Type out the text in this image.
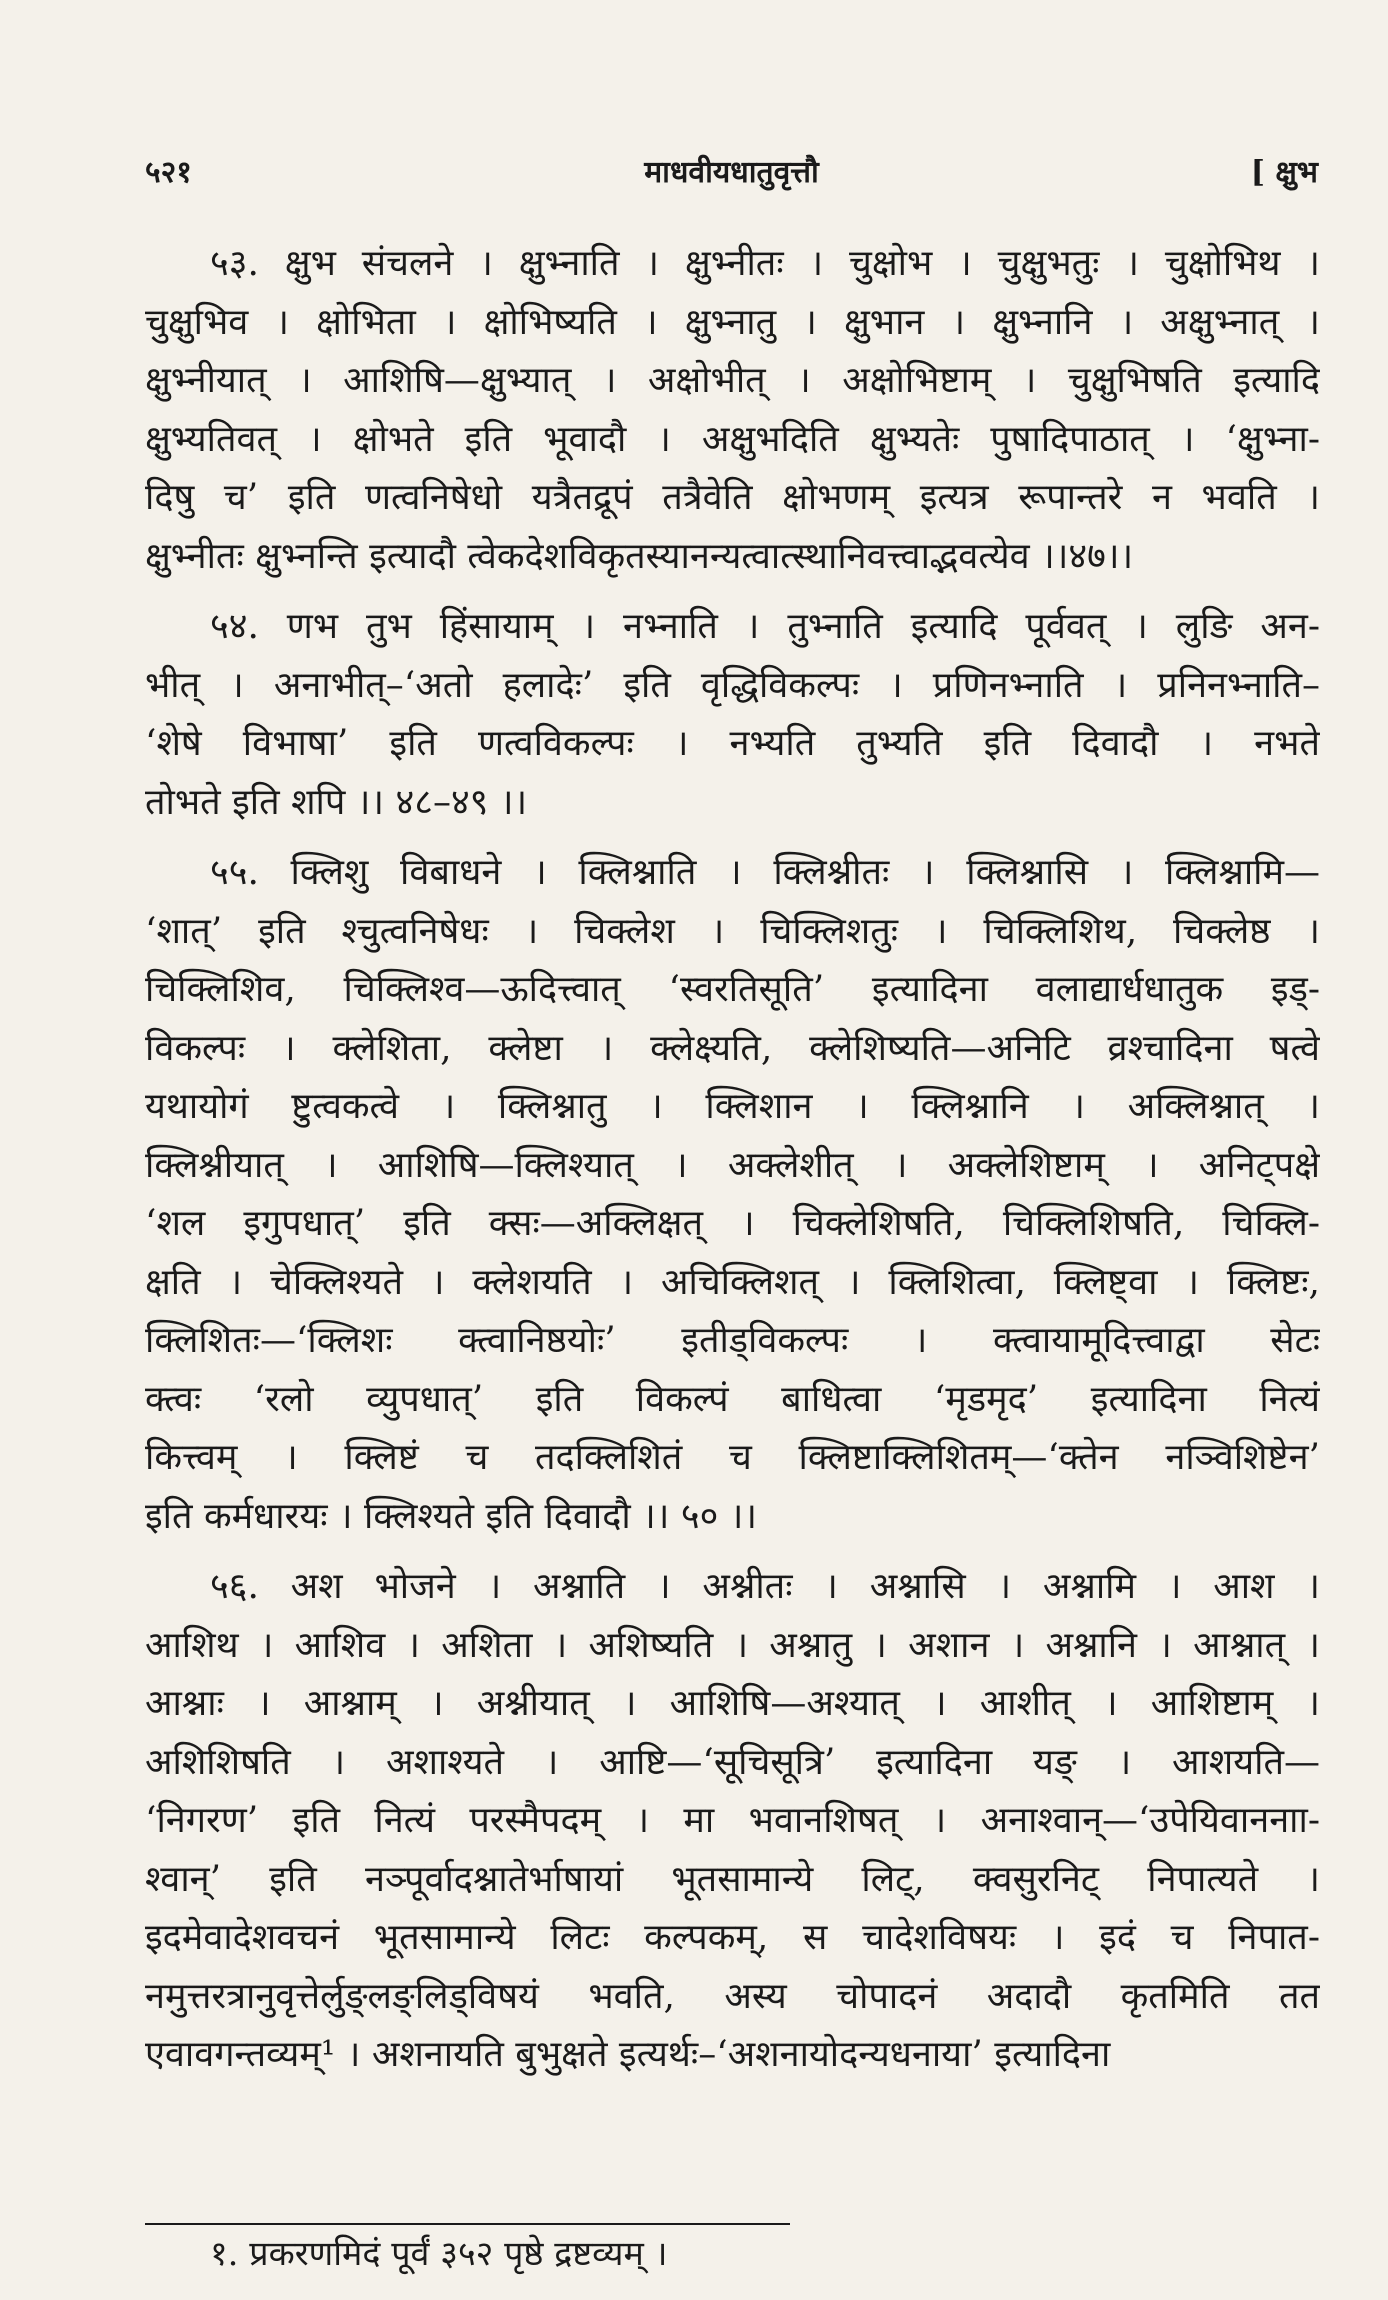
५२१	माधवीयधातुवृत्तौ	[ क्षुभ
५३. क्षुभ संचलने । क्षुभ्नाति । क्षुभ्नीतः । चुक्षोभ । चुक्षुभतुः । चुक्षोभिथ ।
चुक्षुभिव । क्षोभिता । क्षोभिष्यति । क्षुभ्नातु । क्षुभान । क्षुभ्नानि । अक्षुभ्नात् ।
क्षुभ्नीयात् । आशिषि—क्षुभ्यात् । अक्षोभीत् । अक्षोभिष्टाम् । चुक्षुभिषति इत्यादि
क्षुभ्यतिवत् । क्षोभते इति भूवादौ । अक्षुभदिति क्षुभ्यतेः पुषादिपाठात् । ‘क्षुभ्ना-
दिषु च’ इति णत्वनिषेधो यत्रैतद्रूपं तत्रैवेति क्षोभणम् इत्यत्र रूपान्तरे न भवति ।
क्षुभ्नीतः क्षुभ्नन्ति इत्यादौ त्वेकदेशविकृतस्यानन्यत्वात्स्थानिवत्त्वाद्भवत्येव ।।४७।।
५४. णभ तुभ हिंसायाम् । नभ्नाति । तुभ्नाति इत्यादि पूर्ववत् । लुङि अन-
भीत् । अनाभीत्–‘अतो हलादेः’ इति वृद्धिविकल्पः । प्रणिनभ्नाति । प्रनिनभ्नाति–
‘शेषे विभाषा’ इति णत्वविकल्पः । नभ्यति तुभ्यति इति दिवादौ । नभते
तोभते इति शपि ।। ४८–४९ ।।
५५. क्लिशु विबाधने । क्लिश्नाति । क्लिश्नीतः । क्लिश्नासि । क्लिश्नामि—
‘शात्’ इति श्चुत्वनिषेधः । चिक्लेश । चिक्लिशतुः । चिक्लिशिथ, चिक्लेष्ठ ।
चिक्लिशिव, चिक्लिश्व—ऊदित्त्वात् ‘स्वरतिसूति’ इत्यादिना वलाद्यार्धधातुक इड्-
विकल्पः । क्लेशिता, क्लेष्टा । क्लेक्ष्यति, क्लेशिष्यति—अनिटि व्रश्चादिना षत्वे
यथायोगं ष्टुत्वकत्वे । क्लिश्नातु । क्लिशान । क्लिश्नानि । अक्लिश्नात् ।
क्लिश्नीयात् । आशिषि—क्लिश्यात् । अक्लेशीत् । अक्लेशिष्टाम् । अनिट्पक्षे
‘शल इगुपधात्’ इति क्सः—अक्लिक्षत् । चिक्लेशिषति, चिक्लिशिषति, चिक्लि-
क्षति । चेक्लिश्यते । क्लेशयति । अचिक्लिशत् । क्लिशित्वा, क्लिष्ट्वा । क्लिष्टः,
क्लिशितः—‘क्लिशः क्त्वानिष्ठयोः’ इतीड्विकल्पः । क्त्वायामूदित्त्वाद्वा सेटः
क्त्वः ‘रलो व्युपधात्’ इति विकल्पं बाधित्वा ‘मृडमृद’ इत्यादिना नित्यं
कित्त्वम् । क्लिष्टं च तदक्लिशितं च क्लिष्टाक्लिशितम्—‘क्तेन नञ्विशिष्टेन’
इति कर्मधारयः । क्लिश्यते इति दिवादौ ।। ५० ।।
५६. अश भोजने । अश्नाति । अश्नीतः । अश्नासि । अश्नामि । आश ।
आशिथ । आशिव । अशिता । अशिष्यति । अश्नातु । अशान । अश्नानि । आश्नात् ।
आश्नाः । आश्नाम् । अश्नीयात् । आशिषि—अश्यात् । आशीत् । आशिष्टाम् ।
अशिशिषति । अशाश्यते । आष्टि—‘सूचिसूत्रि’ इत्यादिना यङ् । आशयति—
‘निगरण’ इति नित्यं परस्मैपदम् । मा भवानशिषत् । अनाश्वान्—‘उपेयिवाननाा-
श्वान्’ इति नञ्पूर्वादश्नातेर्भाषायां भूतसामान्ये लिट्, क्वसुरनिट् निपात्यते ।
इदमेवादेशवचनं भूतसामान्ये लिटः कल्पकम्, स चादेशविषयः । इदं च निपात-
नमुत्तरत्रानुवृत्तेर्लुङ्लङ्लिड्विषयं भवति, अस्य चोपादनं अदादौ कृतमिति तत
एवावगन्तव्यम्¹ । अशनायति बुभुक्षते इत्यर्थः–‘अशनायोदन्यधनाया’ इत्यादिना
१. प्रकरणमिदं पूर्वं ३५२ पृष्ठे द्रष्टव्यम् ।
